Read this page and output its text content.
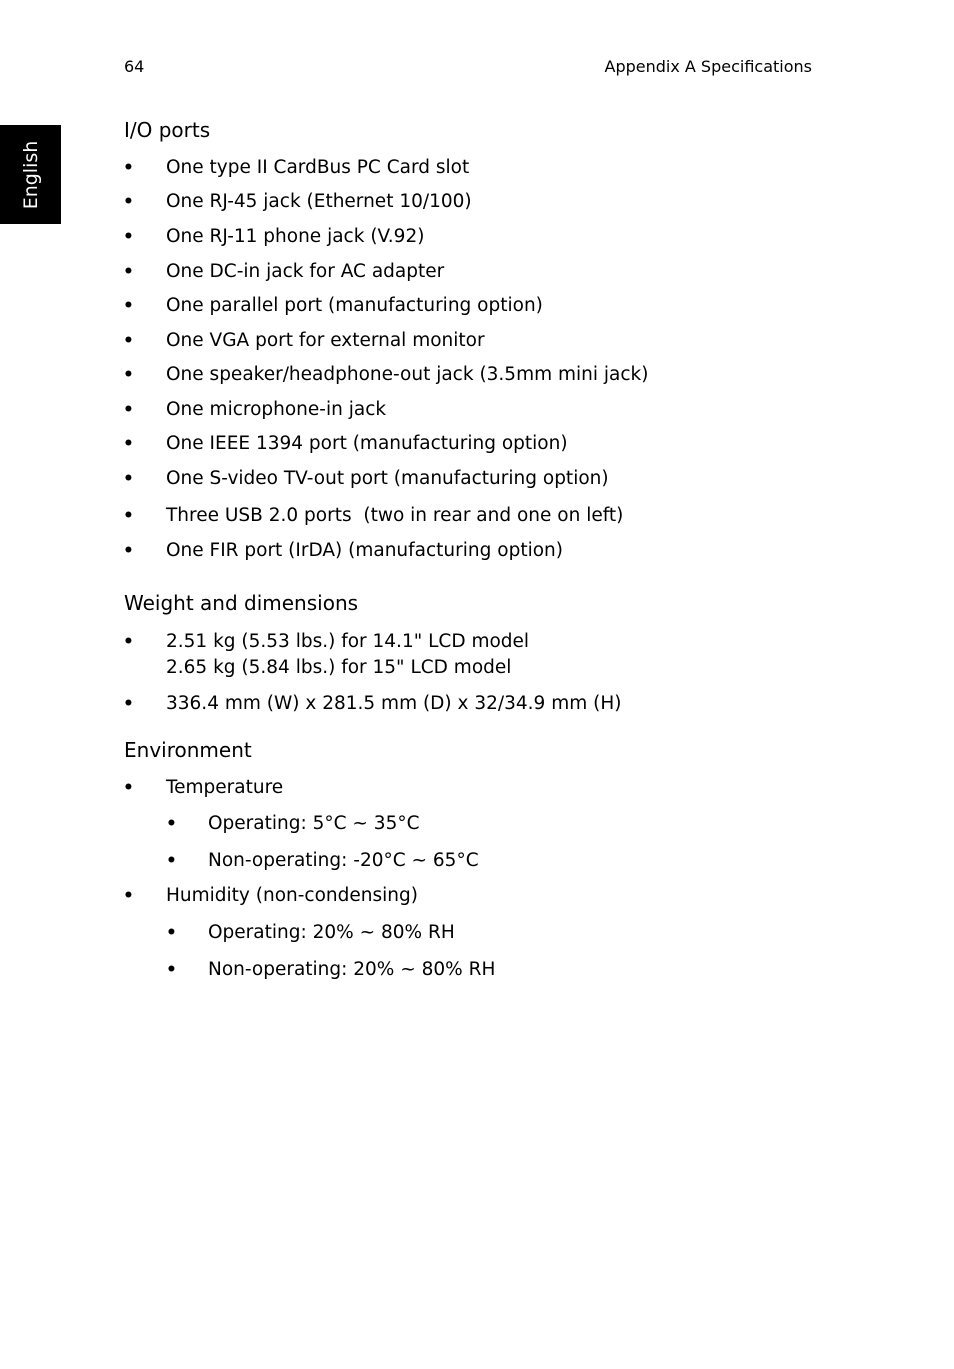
64	Appendix A Specifications
English
I/O ports
• One type II CardBus PC Card slot
• One RJ-45 jack (Ethernet 10/100)
• One RJ-11 phone jack (V.92)
• One DC-in jack for AC adapter
• One parallel port (manufacturing option)
• One VGA port for external monitor
• One speaker/headphone-out jack (3.5mm mini jack)
• One microphone-in jack
• One IEEE 1394 port (manufacturing option)
• One S-video TV-out port (manufacturing option)
• Three USB 2.0 ports  (two in rear and one on left)
• One FIR port (IrDA) (manufacturing option)
Weight and dimensions
• 2.51 kg (5.53 lbs.) for 14.1" LCD model
2.65 kg (5.84 lbs.) for 15" LCD model
• 336.4 mm (W) x 281.5 mm (D) x 32/34.9 mm (H)
Environment
• Temperature
• Operating: 5°C ~ 35°C
• Non-operating: -20°C ~ 65°C
• Humidity (non-condensing)
• Operating: 20% ~ 80% RH
• Non-operating: 20% ~ 80% RH
